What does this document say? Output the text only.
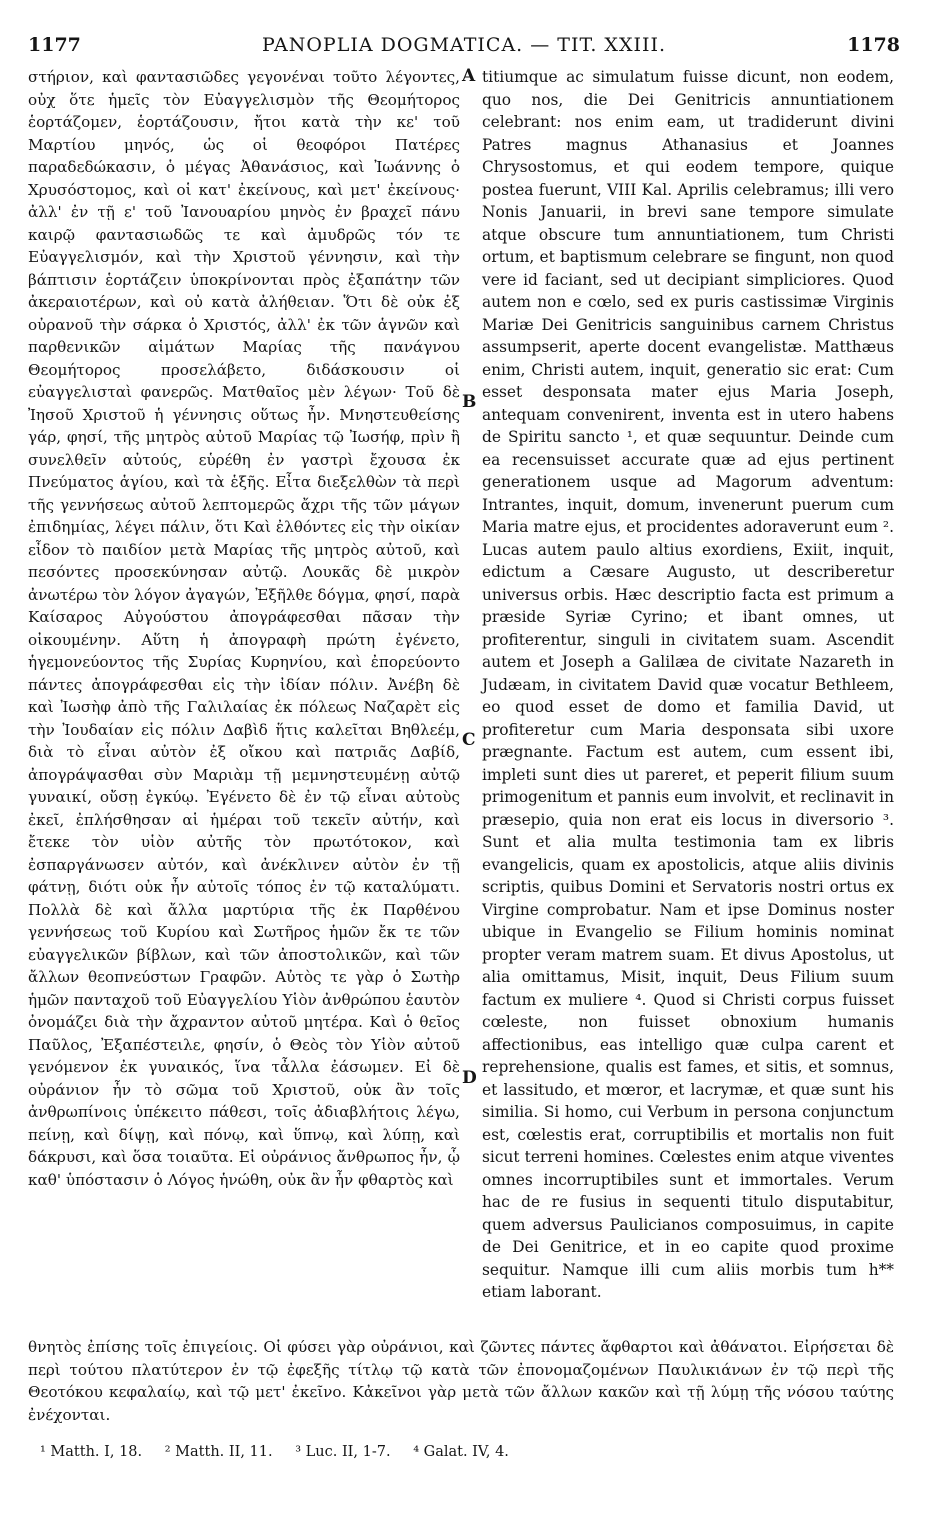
1177	PANOPLIA DOGMATICA. — TIT. XXIII.	1178

στήριον, καὶ φαντασιῶδες γεγονέναι τοῦτο λέγοντες, οὐχ ὅτε ἡμεῖς τὸν Εὐαγγελισμὸν τῆς Θεομήτορος ἑορτάζομεν, ἑορτάζουσιν, ἤτοι κατὰ τὴν κε' τοῦ Μαρτίου μηνός, ὡς οἱ θεοφόροι Πατέρες παραδεδώκασιν, ὁ μέγας Ἀθανάσιος, καὶ Ἰωάννης ὁ Χρυσόστομος, καὶ οἱ κατ' ἐκείνους, καὶ μετ' ἐκείνους· ἀλλ' ἐν τῇ ε' τοῦ Ἰανουαρίου μηνὸς ἐν βραχεῖ πάνυ καιρῷ φαντασιωδῶς τε καὶ ἀμυδρῶς τόν τε Εὐαγγελισμόν, καὶ τὴν Χριστοῦ γέννησιν, καὶ τὴν βάπτισιν ἑορτάζειν ὑποκρίνονται πρὸς ἐξαπάτην τῶν ἀκεραιοτέρων, καὶ οὐ κατὰ ἀλήθειαν. Ὅτι δὲ οὐκ ἐξ οὐρανοῦ τὴν σάρκα ὁ Χριστός, ἀλλ' ἐκ τῶν ἁγνῶν καὶ παρθενικῶν αἱμάτων Μαρίας τῆς πανάγνου Θεομήτορος προσελάβετο, διδάσκουσιν οἱ εὐαγγελισταὶ φανερῶς. Ματθαῖος μὲν λέγων· Τοῦ δὲ Ἰησοῦ Χριστοῦ ἡ γέννησις οὕτως ἦν. Μνηστευθείσης γάρ, φησί, τῆς μητρὸς αὐτοῦ Μαρίας τῷ Ἰωσήφ, πρὶν ἢ συνελθεῖν αὐτούς, εὑρέθη ἐν γαστρὶ ἔχουσα ἐκ Πνεύματος ἁγίου, καὶ τὰ ἑξῆς. Εἶτα διεξελθὼν τὰ περὶ τῆς γεννήσεως αὐτοῦ λεπτομερῶς ἄχρι τῆς τῶν μάγων ἐπιδημίας, λέγει πάλιν, ὅτι Καὶ ἐλθόντες εἰς τὴν οἰκίαν εἶδον τὸ παιδίον μετὰ Μαρίας τῆς μητρὸς αὐτοῦ, καὶ πεσόντες προσεκύνησαν αὐτῷ. Λουκᾶς δὲ μικρὸν ἀνωτέρω τὸν λόγον ἀγαγών, Ἐξῆλθε δόγμα, φησί, παρὰ Καίσαρος Αὐγούστου ἀπογράφεσθαι πᾶσαν τὴν οἰκουμένην. Αὕτη ἡ ἀπογραφὴ πρώτη ἐγένετο, ἡγεμονεύοντος τῆς Συρίας Κυρηνίου, καὶ ἐπορεύοντο πάντες ἀπογράφεσθαι εἰς τὴν ἰδίαν πόλιν. Ἀνέβη δὲ καὶ Ἰωσὴφ ἀπὸ τῆς Γαλιλαίας ἐκ πόλεως Ναζαρὲτ εἰς τὴν Ἰουδαίαν εἰς πόλιν Δαβὶδ ἥτις καλεῖται Βηθλεέμ, διὰ τὸ εἶναι αὐτὸν ἐξ οἴκου καὶ πατριᾶς Δαβίδ, ἀπογράψασθαι σὺν Μαριὰμ τῇ μεμνηστευμένῃ αὐτῷ γυναικί, οὔσῃ ἐγκύῳ. Ἐγένετο δὲ ἐν τῷ εἶναι αὐτοὺς ἐκεῖ, ἐπλήσθησαν αἱ ἡμέραι τοῦ τεκεῖν αὐτήν, καὶ ἔτεκε τὸν υἱὸν αὐτῆς τὸν πρωτότοκον, καὶ ἐσπαργάνωσεν αὐτόν, καὶ ἀνέκλινεν αὐτὸν ἐν τῇ φάτνῃ, διότι οὐκ ἦν αὐτοῖς τόπος ἐν τῷ καταλύματι. Πολλὰ δὲ καὶ ἄλλα μαρτύρια τῆς ἐκ Παρθένου γεννήσεως τοῦ Κυρίου καὶ Σωτῆρος ἡμῶν ἔκ τε τῶν εὐαγγελικῶν βίβλων, καὶ τῶν ἀποστολικῶν, καὶ τῶν ἄλλων θεοπνεύστων Γραφῶν. Αὐτὸς τε γὰρ ὁ Σωτὴρ ἡμῶν πανταχοῦ τοῦ Εὐαγγελίου Υἱὸν ἀνθρώπου ἑαυτὸν ὀνομάζει διὰ τὴν ἄχραντον αὐτοῦ μητέρα. Καὶ ὁ θεῖος Παῦλος, Ἐξαπέστειλε, φησίν, ὁ Θεὸς τὸν Υἱὸν αὐτοῦ γενόμενον ἐκ γυναικός, ἵνα τἆλλα ἐάσωμεν. Εἰ δὲ οὐράνιον ἦν τὸ σῶμα τοῦ Χριστοῦ, οὐκ ἂν τοῖς ἀνθρωπίνοις ὑπέκειτο πάθεσι, τοῖς ἀδιαβλήτοις λέγω, πείνῃ, καὶ δίψῃ, καὶ πόνῳ, καὶ ὕπνῳ, καὶ λύπῃ, καὶ δάκρυσι, καὶ ὅσα τοιαῦτα. Εἰ οὐράνιος ἄνθρωπος ἦν, ᾧ καθ' ὑπόστασιν ὁ Λόγος ἡνώθη, οὐκ ἂν ἦν φθαρτὸς καὶ

A
B
C
D

titiumque ac simulatum fuisse dicunt, non eodem, quo nos, die Dei Genitricis annuntiationem celebrant: nos enim eam, ut tradiderunt divini Patres magnus Athanasius et Joannes Chrysostomus, et qui eodem tempore, quique postea fuerunt, VIII Kal. Aprilis celebramus; illi vero Nonis Januarii, in brevi sane tempore simulate atque obscure tum annuntiationem, tum Christi ortum, et baptismum celebrare se fingunt, non quod vere id faciant, sed ut decipiant simpliciores. Quod autem non e cœlo, sed ex puris castissimæ Virginis Mariæ Dei Genitricis sanguinibus carnem Christus assumpserit, aperte docent evangelistæ. Matthæus enim, Christi autem, inquit, generatio sic erat: Cum esset desponsata mater ejus Maria Joseph, antequam convenirent, inventa est in utero habens de Spiritu sancto ¹, et quæ sequuntur. Deinde cum ea recensuisset accurate quæ ad ejus pertinent generationem usque ad Magorum adventum: Intrantes, inquit, domum, invenerunt puerum cum Maria matre ejus, et procidentes adoraverunt eum ². Lucas autem paulo altius exordiens, Exiit, inquit, edictum a Cæsare Augusto, ut describeretur universus orbis. Hæc descriptio facta est primum a præside Syriæ Cyrino; et ibant omnes, ut profiterentur, singuli in civitatem suam. Ascendit autem et Joseph a Galilæa de civitate Nazareth in Judæam, in civitatem David quæ vocatur Bethleem, eo quod esset de domo et familia David, ut profiteretur cum Maria desponsata sibi uxore prægnante. Factum est autem, cum essent ibi, impleti sunt dies ut pareret, et peperit filium suum primogenitum et pannis eum involvit, et reclinavit in præsepio, quia non erat eis locus in diversorio ³. Sunt et alia multa testimonia tam ex libris evangelicis, quam ex apostolicis, atque aliis divinis scriptis, quibus Domini et Servatoris nostri ortus ex Virgine comprobatur. Nam et ipse Dominus noster ubique in Evangelio se Filium hominis nominat propter veram matrem suam. Et divus Apostolus, ut alia omittamus, Misit, inquit, Deus Filium suum factum ex muliere ⁴. Quod si Christi corpus fuisset cœleste, non fuisset obnoxium humanis affectionibus, eas intelligo quæ culpa carent et reprehensione, qualis est fames, et sitis, et somnus, et lassitudo, et mœror, et lacrymæ, et quæ sunt his similia. Si homo, cui Verbum in persona conjunctum est, cœlestis erat, corruptibilis et mortalis non fuit sicut terreni homines. Cœlestes enim atque viventes omnes incorruptibiles sunt et immortales. Verum hac de re fusius in sequenti titulo disputabitur, quem adversus Paulicianos composuimus, in capite de Dei Genitrice, et in eo capite quod proxime sequitur. Namque illi cum aliis morbis tum h** etiam laborant.

θνητὸς ἐπίσης τοῖς ἐπιγείοις. Οἱ φύσει γὰρ οὐράνιοι, καὶ ζῶντες πάντες ἄφθαρτοι καὶ ἀθάνατοι. Εἰρήσεται δὲ περὶ τούτου πλατύτερον ἐν τῷ ἐφεξῆς τίτλῳ τῷ κατὰ τῶν ἐπονομαζομένων Παυλικιάνων ἐν τῷ περὶ τῆς Θεοτόκου κεφαλαίῳ, καὶ τῷ μετ' ἐκεῖνο. Κἀκεῖνοι γὰρ μετὰ τῶν ἄλλων κακῶν καὶ τῇ λύμῃ τῆς νόσου ταύτης ἐνέχονται.

¹ Matth. I, 18. ² Matth. II, 11. ³ Luc. II, 1-7. ⁴ Galat. IV, 4.
